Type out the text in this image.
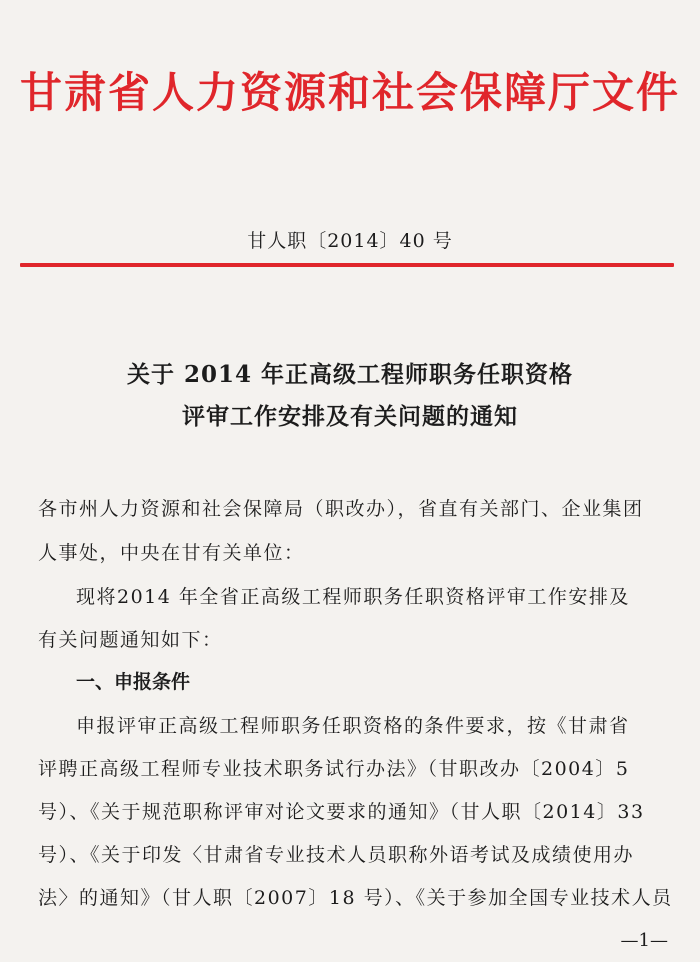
甘肃省人力资源和社会保障厅文件
甘人职〔2014〕40 号
关于 2014 年正高级工程师职务任职资格
评审工作安排及有关问题的通知
各市州人力资源和社会保障局（职改办），省直有关部门、企业集团
人事处，中央在甘有关单位：
现将2014 年全省正高级工程师职务任职资格评审工作安排及
有关问题通知如下：
一、申报条件
申报评审正高级工程师职务任职资格的条件要求，按《甘肃省
评聘正高级工程师专业技术职务试行办法》（甘职改办〔2004〕5
号）、《关于规范职称评审对论文要求的通知》（甘人职〔2014〕33
号）、《关于印发〈甘肃省专业技术人员职称外语考试及成绩使用办
法〉的通知》（甘人职〔2007〕18 号）、《关于参加全国专业技术人员
—1—
